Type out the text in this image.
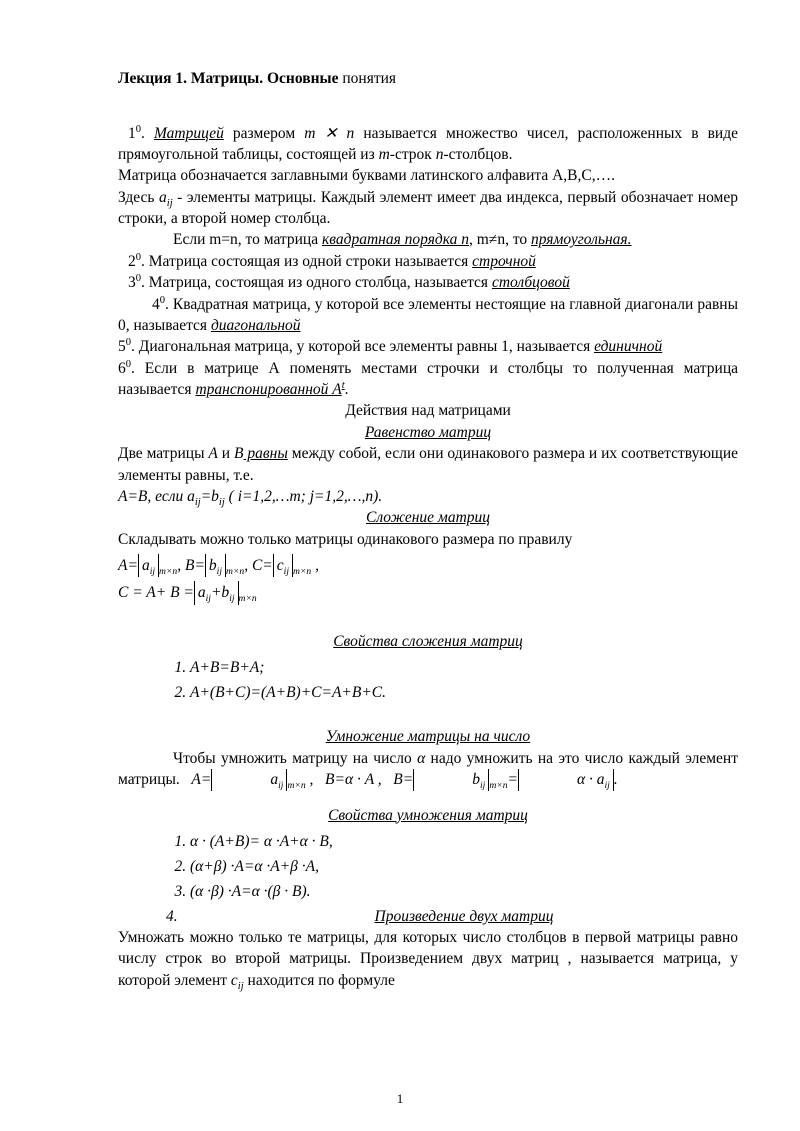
Лекция 1. Матрицы. Основные понятия

$1^0$. Матрицей размером m ✕ n называется множество чисел, расположенных в виде прямоугольной таблицы, состоящей из m-строк n-столбцов.

Матрица обозначается заглавными буквами латинского алфавита А,В,С,….

Здесь $a_{ij}$ - элементы матрицы. Каждый элемент имеет два индекса, первый обозначает номер строки, а второй номер столбца.

Если m=n, то матрица квадратная порядка n, m≠n, то прямоугольная.

$2^0$. Матрица состоящая из одной строки называется строчной

$3^0$. Матрица, состоящая из одного столбца, называется столбцовой

$4^0$. Квадратная матрица, у которой все элементы нестоящие на главной диагонали равны 0, называется диагональной

$5^0$. Диагональная матрица, у которой все элементы равны 1, называется единичной

$6^0$. Если в матрице А поменять местами строчки и столбцы то полученная матрица называется транспонированной $A^t$.

Действия над матрицами

Равенство матриц

Две матрицы A и B равны между собой, если они одинакового размера и их соответствующие элементы равны, т.е.

A=B, если $a_{ij}=b_{ij}$ ( i=1,2,…m; j=1,2,…,n).

Сложение матриц

Складывать можно только матрицы одинакового размера по правилу

$A= a_{ij}$ $_{m\times n}$, $B= b_{ij}$ $_{m\times n}$, $C= c_{ij}$ $_{m\times n}$ ,

$C = A+ B = a_{ij}+b_{ij}$ $_{m\times n}$

Свойства сложения матриц

1. A+B=B+A;
2. A+(B+C)=(A+B)+C=A+B+C.

Умножение матрицы на число

Чтобы умножить матрицу на число α надо умножить на это число каждый элемент матрицы. A=	$a_{ij}$ $_{m\times n}$ , B=α · A , B=	$b_{ij}$ $_{m\times n}$=	$\alpha \cdot a_{ij}$ .

Свойства умножения матриц

1. α · (A+B)= α ·A+α · B,
2. (α+β) ·A=α ·A+β ·A,
3. (α ·β) ·A=α ·(β · B).
4.	Произведение двух матриц

Умножать можно только те матрицы, для которых число столбцов в первой матрицы равно числу строк во второй матрицы. Произведением двух матриц , называется матрица, у которой элемент $c_{ij}$ находится по формуле

1
